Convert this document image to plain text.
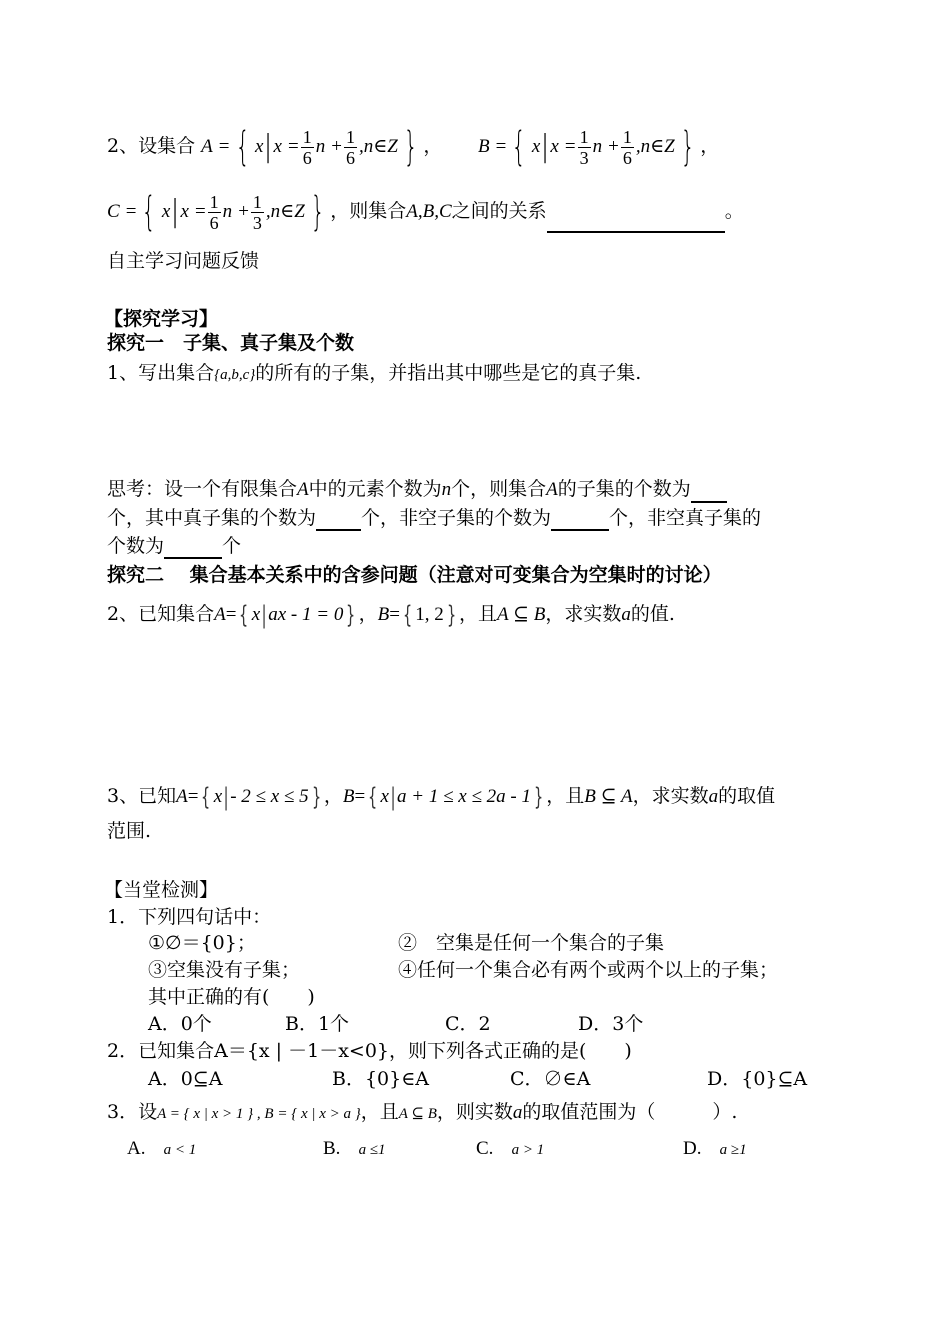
2、设集合 A = { x| $x = \frac{1}{6}$ $n + \frac{1}{6}$ ,n∈Z } ， B = { x| $x = \frac{1}{3}$ $n + \frac{1}{6}$ ,n∈Z } ，
C = { x| $x = \frac{1}{6}$ $n + \frac{1}{3}$ ,n∈Z } ，则集合A,B,C之间的关系	。
自主学习问题反馈
【探究学习】
探究一　子集、真子集及个数
1、写出集合{a,b,c}的所有的子集，并指出其中哪些是它的真子集.
思考：设一个有限集合A中的元素个数为n个，则集合A的子集的个数为
个，其中真子集的个数为 个，非空子集的个数为	个，非空真子集的
个数为	个
探究二　 集合基本关系中的含参问题（注意对可变集合为空集时的讨论）
2、已知集合A= { x|ax - 1 = 0 } ，B= { 1, 2 } ，且A ⊆ B，求实数a的值.
3、已知A= { x|- 2 ≤ x ≤ 5 } ，B= { x|a + 1 ≤ x ≤ 2a - 1 } ，且B ⊆ A，求实数a的取值
范围.
【当堂检测】
1．下列四句话中：
①∅＝{0}；	②　空集是任何一个集合的子集
③空集没有子集；	④任何一个集合必有两个或两个以上的子集；
其中正确的有(　　)
A．0个	B．1个	C．2	D．3个
2．已知集合A＝{x | －1－x<0}，则下列各式正确的是(　　)
A．0⊆A	B．{0}∈A	C．∅∈A	D．{0}⊆A
3．设A = { x | x > 1 } , B = { x | x > a }，且A ⊆ B，则实数a的取值范围为（　　　）.
A. a < 1	B. a ≤1	C. a > 1	D. a ≥1
